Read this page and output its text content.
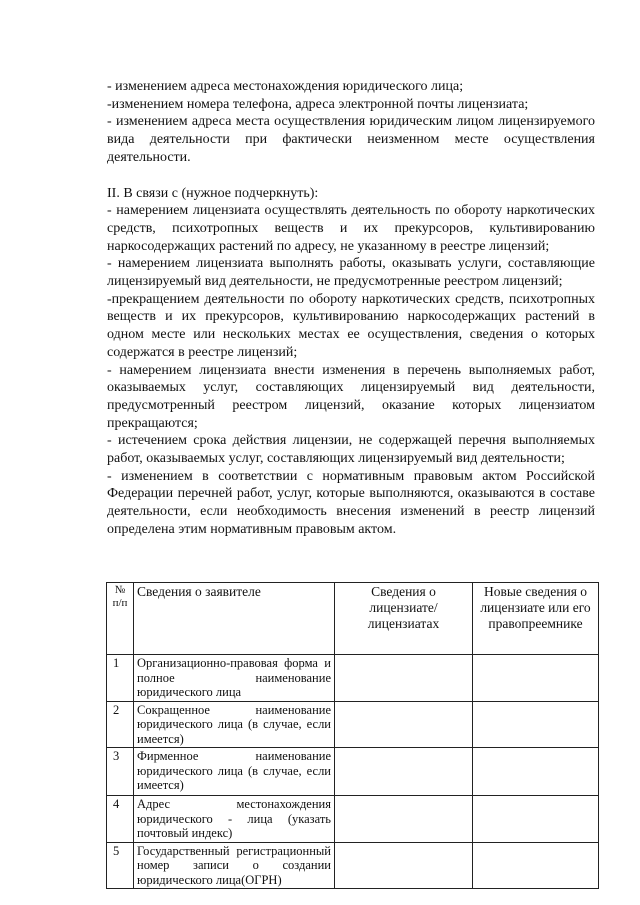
- изменением адреса местонахождения юридического лица;

-изменением номера телефона, адреса электронной почты лицензиата;

- изменением адреса места осуществления юридическим лицом лицензируемого вида деятельности при фактически неизменном месте осуществления деятельности.

II. В связи с (нужное подчеркнуть):

- намерением лицензиата осуществлять деятельность по обороту наркотических средств, психотропных веществ и их прекурсоров, культивированию наркосодержащих растений по адресу, не указанному в реестре лицензий;

- намерением лицензиата выполнять работы, оказывать услуги, составляющие лицензируемый вид деятельности, не предусмотренные реестром лицензий;

-прекращением деятельности по обороту наркотических средств, психотропных веществ и их прекурсоров, культивированию наркосодержащих растений в одном месте или нескольких местах ее осуществления, сведения о которых содержатся в реестре лицензий;

- намерением лицензиата внести изменения в перечень выполняемых работ, оказываемых услуг, составляющих лицензируемый вид деятельности, предусмотренный реестром лицензий, оказание которых лицензиатом прекращаются;

- истечением срока действия лицензии, не содержащей перечня выполняемых работ, оказываемых услуг, составляющих лицензируемый вид деятельности;

- изменением в соответствии с нормативным правовым актом Российской Федерации перечней работ, услуг, которые выполняются, оказываются в составе деятельности, если необходимость внесения изменений в реестр лицензий определена этим нормативным правовым актом.

№ п/п	Сведения о заявителе	Сведения о лицензиате/ лицензиатах	Новые сведения о лицензиате или его правопреемнике
1	Организационно-правовая форма и полное наименование юридического лица		
2	Сокращенное наименование юридического лица (в случае, если имеется)		
3	Фирменное наименование юридического лица (в случае, если имеется)		
4	Адрес местонахождения юридического - лица (указать почтовый индекс)		
5	Государственный регистрационный номер записи о создании юридического лица(ОГРН)		
